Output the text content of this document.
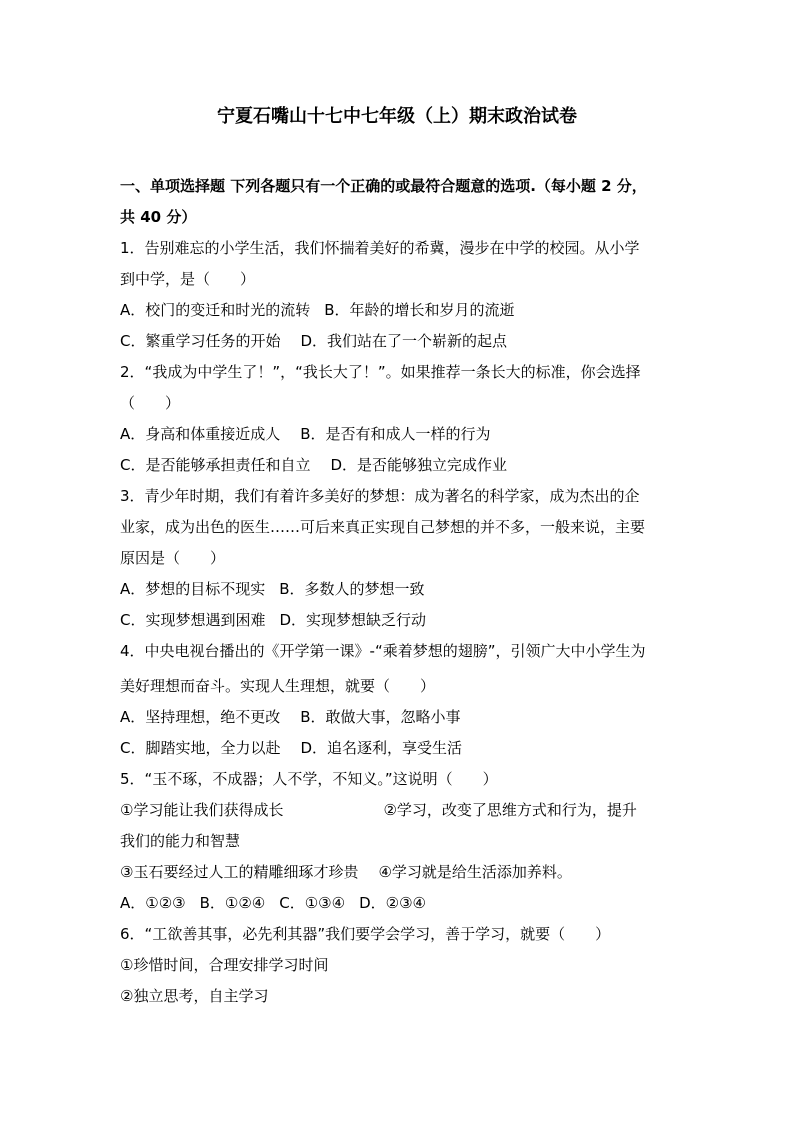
宁夏石嘴山十七中七年级（上）期末政治试卷
一、单项选择题 下列各题只有一个正确的或最符合题意的选项.（每小题 2 分，
共 40 分）
1．告别难忘的小学生活，我们怀揣着美好的希冀，漫步在中学的校园。从小学
到中学，是（　　）
A．校门的变迁和时光的流转 B．年龄的增长和岁月的流逝
C．繁重学习任务的开始 D．我们站在了一个崭新的起点
2．“我成为中学生了！”，“我长大了！”。如果推荐一条长大的标准，你会选择
（　　）
A．身高和体重接近成人 B．是否有和成人一样的行为
C．是否能够承担责任和自立 D．是否能够独立完成作业
3．青少年时期，我们有着许多美好的梦想：成为著名的科学家，成为杰出的企
业家，成为出色的医生……可后来真正实现自己梦想的并不多，一般来说，主要
原因是（　　）
A．梦想的目标不现实 B．多数人的梦想一致
C．实现梦想遇到困难 D．实现梦想缺乏行动
4．中央电视台播出的《开学第一课》-“乘着梦想的翅膀”，引领广大中小学生为
美好理想而奋斗。实现人生理想，就要（　　）
A．坚持理想，绝不更改 B．敢做大事，忽略小事
C．脚踏实地，全力以赴 D．追名逐利，享受生活
5．“玉不琢，不成器；人不学，不知义。”这说明（　　）
①学习能让我们获得成长	②学习，改变了思维方式和行为，提升
我们的能力和智慧
③玉石要经过人工的精雕细琢才珍贵 ④学习就是给生活添加养料。
A．①②③ B．①②④ C．①③④ D．②③④
6．“工欲善其事，必先利其器”我们要学会学习，善于学习，就要（　　）
①珍惜时间，合理安排学习时间
②独立思考，自主学习
